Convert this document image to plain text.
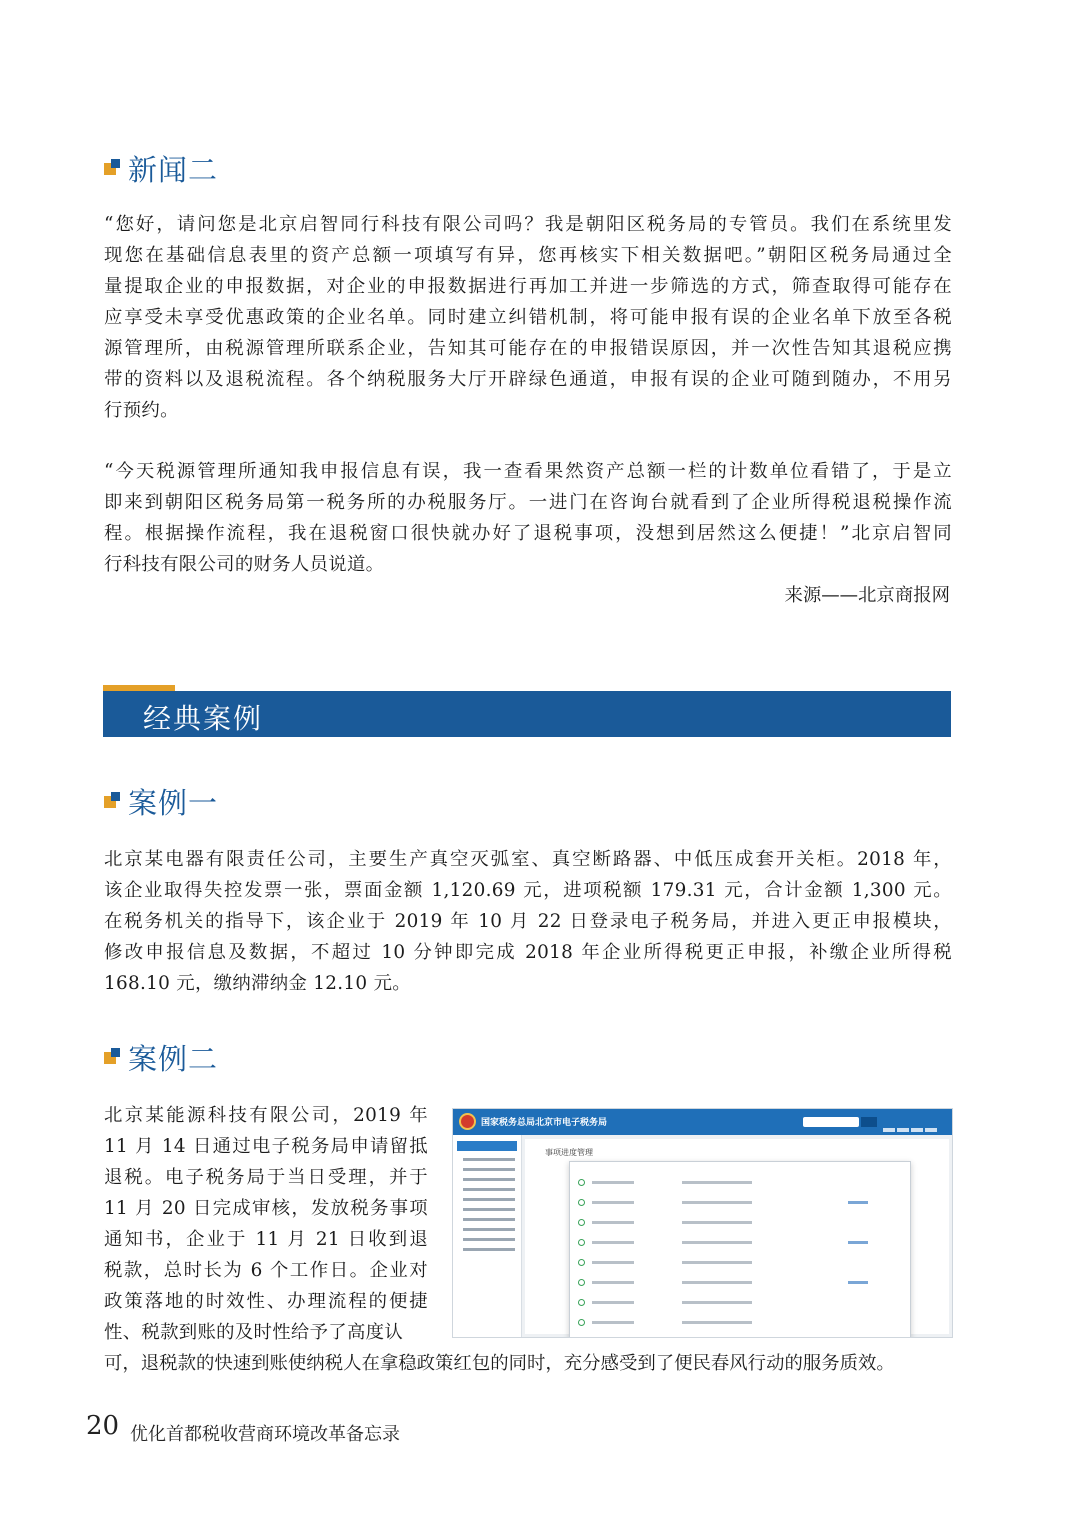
新闻二

“您好，请问您是北京启智同行科技有限公司吗？我是朝阳区税务局的专管员。我们在系统里发
现您在基础信息表里的资产总额一项填写有异，您再核实下相关数据吧。”朝阳区税务局通过全
量提取企业的申报数据，对企业的申报数据进行再加工并进一步筛选的方式，筛查取得可能存在
应享受未享受优惠政策的企业名单。同时建立纠错机制，将可能申报有误的企业名单下放至各税
源管理所，由税源管理所联系企业，告知其可能存在的申报错误原因，并一次性告知其退税应携
带的资料以及退税流程。各个纳税服务大厅开辟绿色通道，申报有误的企业可随到随办，不用另
行预约。

“今天税源管理所通知我申报信息有误，我一查看果然资产总额一栏的计数单位看错了，于是立
即来到朝阳区税务局第一税务所的办税服务厅。一进门在咨询台就看到了企业所得税退税操作流
程。根据操作流程，我在退税窗口很快就办好了退税事项，没想到居然这么便捷！”北京启智同
行科技有限公司的财务人员说道。

来源——北京商报网
经典案例
案例一

北京某电器有限责任公司，主要生产真空灭弧室、真空断路器、中低压成套开关柜。2018 年，
该企业取得失控发票一张，票面金额 1,120.69 元，进项税额 179.31 元，合计金额 1,300 元。
在税务机关的指导下，该企业于 2019 年 10 月 22 日登录电子税务局，并进入更正申报模块，
修改申报信息及数据，不超过 10 分钟即完成 2018 年企业所得税更正申报，补缴企业所得税
168.10 元，缴纳滞纳金 12.10 元。

案例二
北京某能源科技有限公司，2019 年
11 月 14 日通过电子税务局申请留抵
退税。电子税务局于当日受理，并于
11 月 20 日完成审核，发放税务事项
通知书，企业于 11 月 21 日收到退
税款，总时长为 6 个工作日。企业对
政策落地的时效性、办理流程的便捷
性、税款到账的及时性给予了高度认
可，退税款的快速到账使纳税人在拿稳政策红包的同时，充分感受到了便民春风行动的服务质效。
国家税务总局北京市电子税务局
事项进度管理
20 优化首都税收营商环境改革备忘录
